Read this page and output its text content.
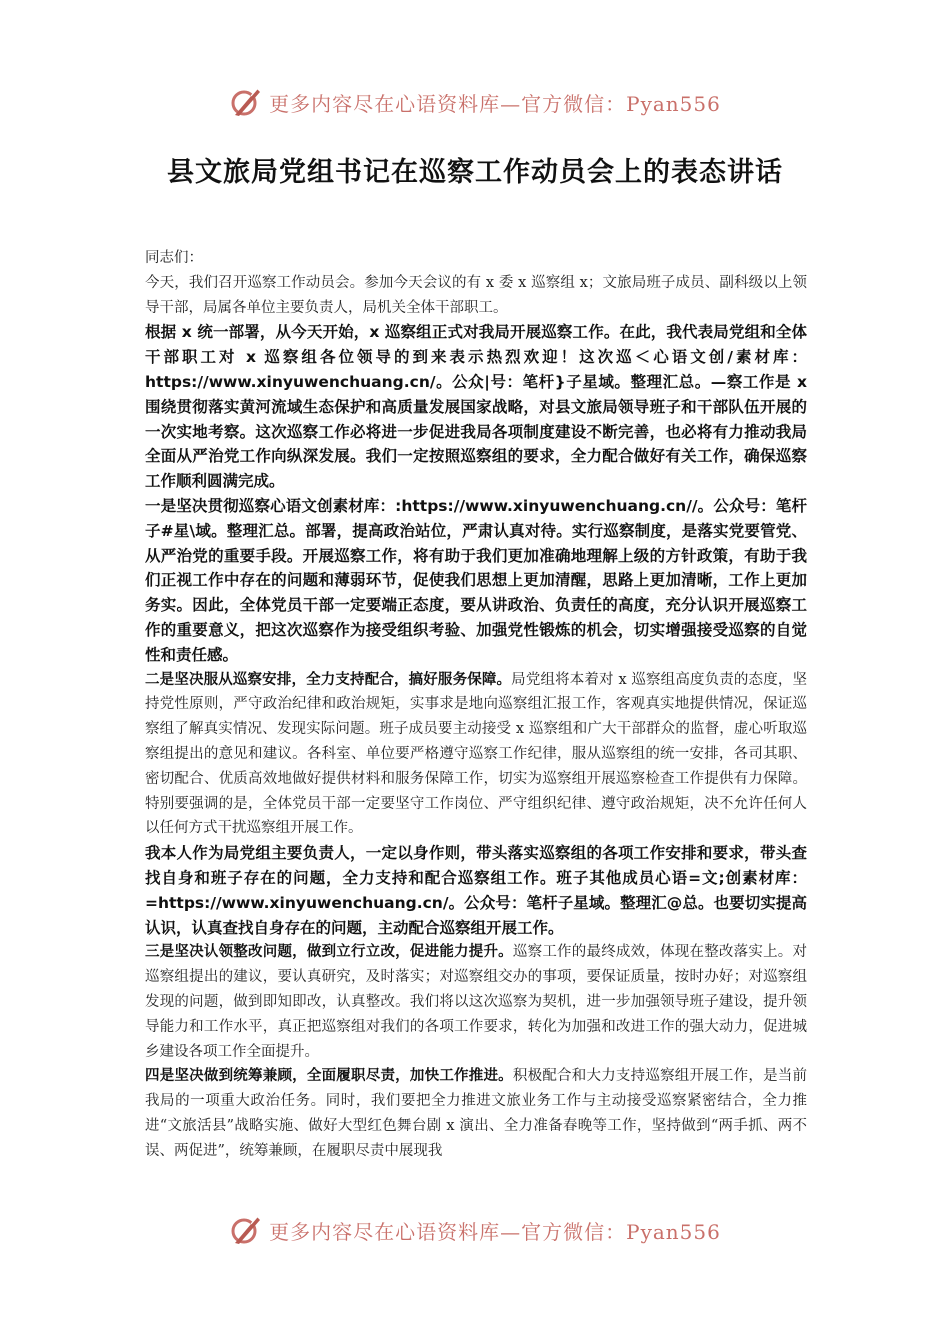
更多内容尽在心语资料库—官方微信：Pyan556
县文旅局党组书记在巡察工作动员会上的表态讲话

同志们：

今天，我们召开巡察工作动员会。参加今天会议的有 x 委 x 巡察组 x；文旅局班子成员、副科级以上领导干部，局属各单位主要负责人，局机关全体干部职工。

根据 x 统一部署，从今天开始，x 巡察组正式对我局开展巡察工作。在此，我代表局党组和全体干部职工对 x 巡察组各位领导的到来表示热烈欢迎！这次巡＜心语文创/素材库：https://www.xinyuwenchuang.cn/。公众|号：笔杆}子星域。整理汇总。—察工作是 x 围绕贯彻落实黄河流域生态保护和高质量发展国家战略，对县文旅局领导班子和干部队伍开展的一次实地考察。这次巡察工作必将进一步促进我局各项制度建设不断完善，也必将有力推动我局全面从严治党工作向纵深发展。我们一定按照巡察组的要求，全力配合做好有关工作，确保巡察工作顺利圆满完成。

一是坚决贯彻巡察心语文创素材库：:https://www.xinyuwenchuang.cn//。公众号：笔杆子#星\域。整理汇总。部署，提高政治站位，严肃认真对待。实行巡察制度，是落实党要管党、从严治党的重要手段。开展巡察工作，将有助于我们更加准确地理解上级的方针政策，有助于我们正视工作中存在的问题和薄弱环节，促使我们思想上更加清醒，思路上更加清晰，工作上更加务实。因此，全体党员干部一定要端正态度，要从讲政治、负责任的高度，充分认识开展巡察工作的重要意义，把这次巡察作为接受组织考验、加强党性锻炼的机会，切实增强接受巡察的自觉性和责任感。

二是坚决服从巡察安排，全力支持配合，搞好服务保障。局党组将本着对 x 巡察组高度负责的态度，坚持党性原则，严守政治纪律和政治规矩，实事求是地向巡察组汇报工作，客观真实地提供情况，保证巡察组了解真实情况、发现实际问题。班子成员要主动接受 x 巡察组和广大干部群众的监督，虚心听取巡察组提出的意见和建议。各科室、单位要严格遵守巡察工作纪律，服从巡察组的统一安排，各司其职、密切配合、优质高效地做好提供材料和服务保障工作，切实为巡察组开展巡察检查工作提供有力保障。特别要强调的是，全体党员干部一定要坚守工作岗位、严守组织纪律、遵守政治规矩，决不允许任何人以任何方式干扰巡察组开展工作。

我本人作为局党组主要负责人，一定以身作则，带头落实巡察组的各项工作安排和要求，带头查找自身和班子存在的问题，全力支持和配合巡察组工作。班子其他成员心语=文;创素材库：=https://www.xinyuwenchuang.cn/。公众号：笔杆子星域。整理汇@总。也要切实提高认识，认真查找自身存在的问题，主动配合巡察组开展工作。

三是坚决认领整改问题，做到立行立改，促进能力提升。巡察工作的最终成效，体现在整改落实上。对巡察组提出的建议，要认真研究，及时落实；对巡察组交办的事项，要保证质量，按时办好；对巡察组发现的问题，做到即知即改，认真整改。我们将以这次巡察为契机，进一步加强领导班子建设，提升领导能力和工作水平，真正把巡察组对我们的各项工作要求，转化为加强和改进工作的强大动力，促进城乡建设各项工作全面提升。

四是坚决做到统筹兼顾，全面履职尽责，加快工作推进。积极配合和大力支持巡察组开展工作，是当前我局的一项重大政治任务。同时，我们要把全力推进文旅业务工作与主动接受巡察紧密结合，全力推进“文旅活县”战略实施、做好大型红色舞台剧 x 演出、全力准备春晚等工作，坚持做到“两手抓、两不误、两促进”，统筹兼顾，在履职尽责中展现我

更多内容尽在心语资料库—官方微信：Pyan556
